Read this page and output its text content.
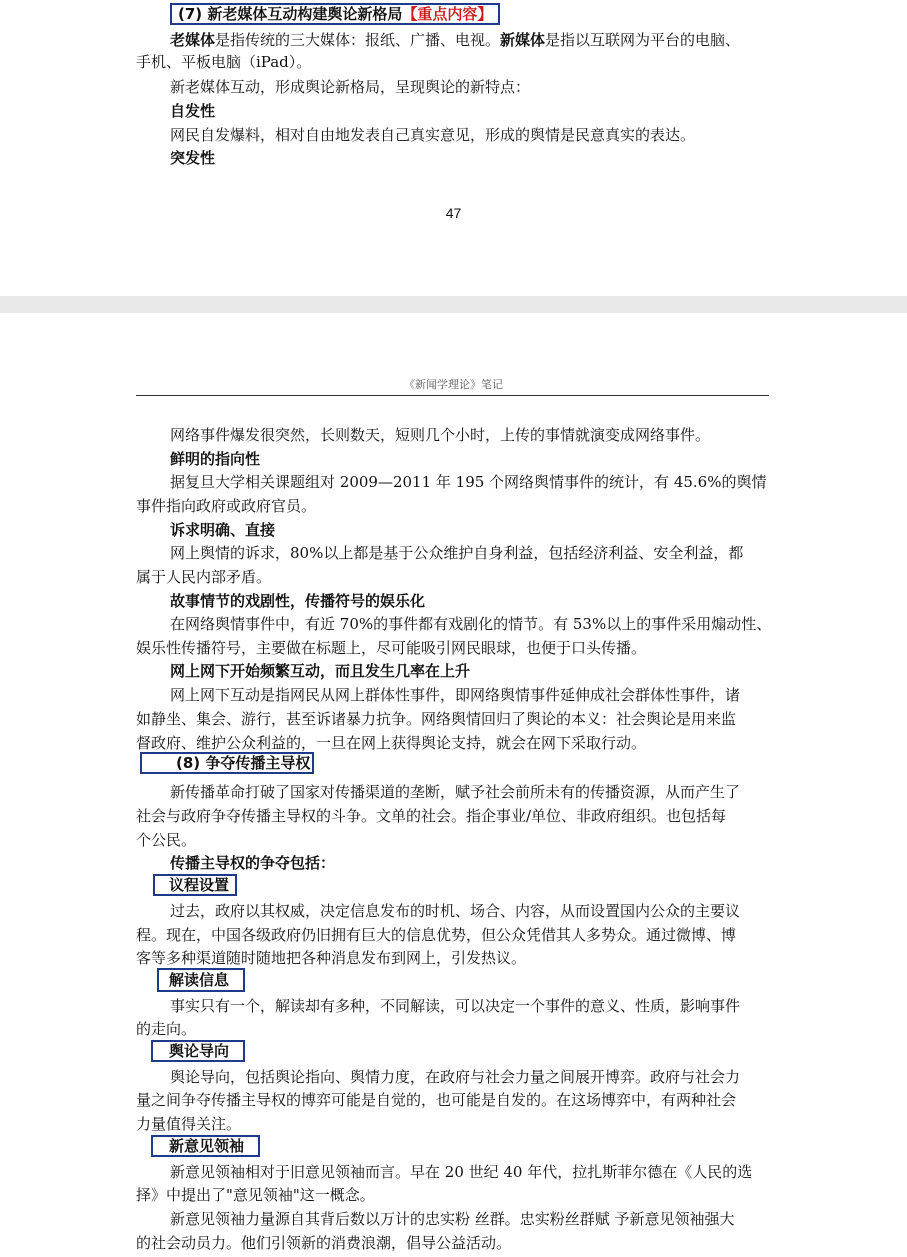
(7) 新老媒体互动构建舆论新格局【重点内容】
老媒体是指传统的三大媒体：报纸、广播、电视。新媒体是指以互联网为平台的电脑、
手机、平板电脑（iPad）。
新老媒体互动，形成舆论新格局，呈现舆论的新特点：
自发性
网民自发爆料，相对自由地发表自己真实意见，形成的舆情是民意真实的表达。
突发性
47
《新闻学理论》笔记
网络事件爆发很突然，长则数天，短则几个小时，上传的事情就演变成网络事件。
鲜明的指向性
据复旦大学相关课题组对 2009—2011 年 195 个网络舆情事件的统计，有 45.6%的舆情
事件指向政府或政府官员。
诉求明确、直接
网上舆情的诉求，80%以上都是基于公众维护自身利益，包括经济利益、安全利益，都
属于人民内部矛盾。
故事情节的戏剧性，传播符号的娱乐化
在网络舆情事件中，有近 70%的事件都有戏剧化的情节。有 53%以上的事件采用煽动性、
娱乐性传播符号，主要做在标题上，尽可能吸引网民眼球，也便于口头传播。
网上网下开始频繁互动，而且发生几率在上升
网上网下互动是指网民从网上群体性事件，即网络舆情事件延伸成社会群体性事件，诸
如静坐、集会、游行，甚至诉诸暴力抗争。网络舆情回归了舆论的本义：社会舆论是用来监
督政府、维护公众利益的，一旦在网上获得舆论支持，就会在网下采取行动。
(8) 争夺传播主导权
新传播革命打破了国家对传播渠道的垄断，赋予社会前所未有的传播资源，从而产生了
社会与政府争夺传播主导权的斗争。文单的社会。指企事业/单位、非政府组织。也包括每
个公民。
传播主导权的争夺包括：
议程设置
过去，政府以其权威，决定信息发布的时机、场合、内容，从而设置国内公众的主要议
程。现在，中国各级政府仍旧拥有巨大的信息优势，但公众凭借其人多势众。通过微博、博
客等多种渠道随时随地把各种消息发布到网上，引发热议。
解读信息
事实只有一个，解读却有多种，不同解读，可以决定一个事件的意义、性质，影响事件
的走向。
舆论导向
舆论导向，包括舆论指向、舆情力度，在政府与社会力量之间展开博弈。政府与社会力
量之间争夺传播主导权的博弈可能是自觉的，也可能是自发的。在这场博弈中，有两种社会
力量值得关注。
新意见领袖
新意见领袖相对于旧意见领袖而言。早在 20 世纪 40 年代，拉扎斯菲尔德在《人民的选
择》中提出了"意见领袖"这一概念。
新意见领袖力量源自其背后数以万计的忠实粉 丝群。忠实粉丝群赋 予新意见领袖强大
的社会动员力。他们引领新的消费浪潮，倡导公益活动。
